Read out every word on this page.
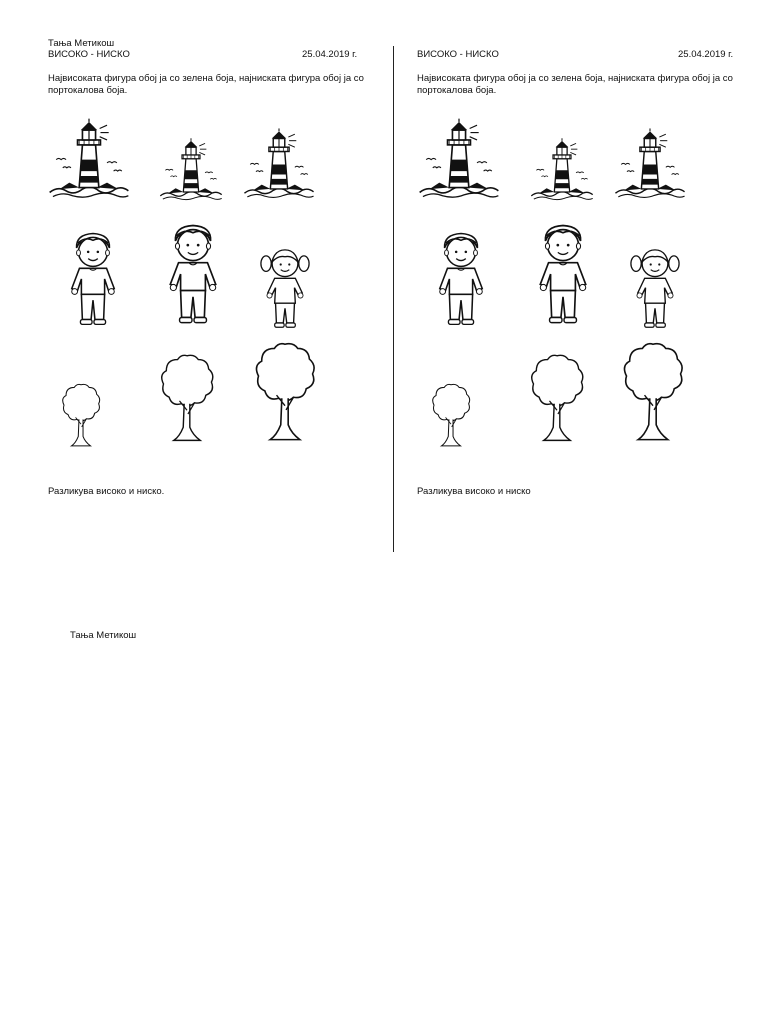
Тања Метикош
ВИСОКО - НИСКО	25.04.2019 г.
Највисоката фигура обој ја со зелена боја, најниската фигура обој ја со портокалова боја.
Разликува високо и ниско.
ВИСОКО - НИСКО	25.04.2019 г.
Највисоката фигура обој ја со зелена боја, најниската фигура обој ја со портокалова боја.
Разликува високо и ниско
Тања Метикош
